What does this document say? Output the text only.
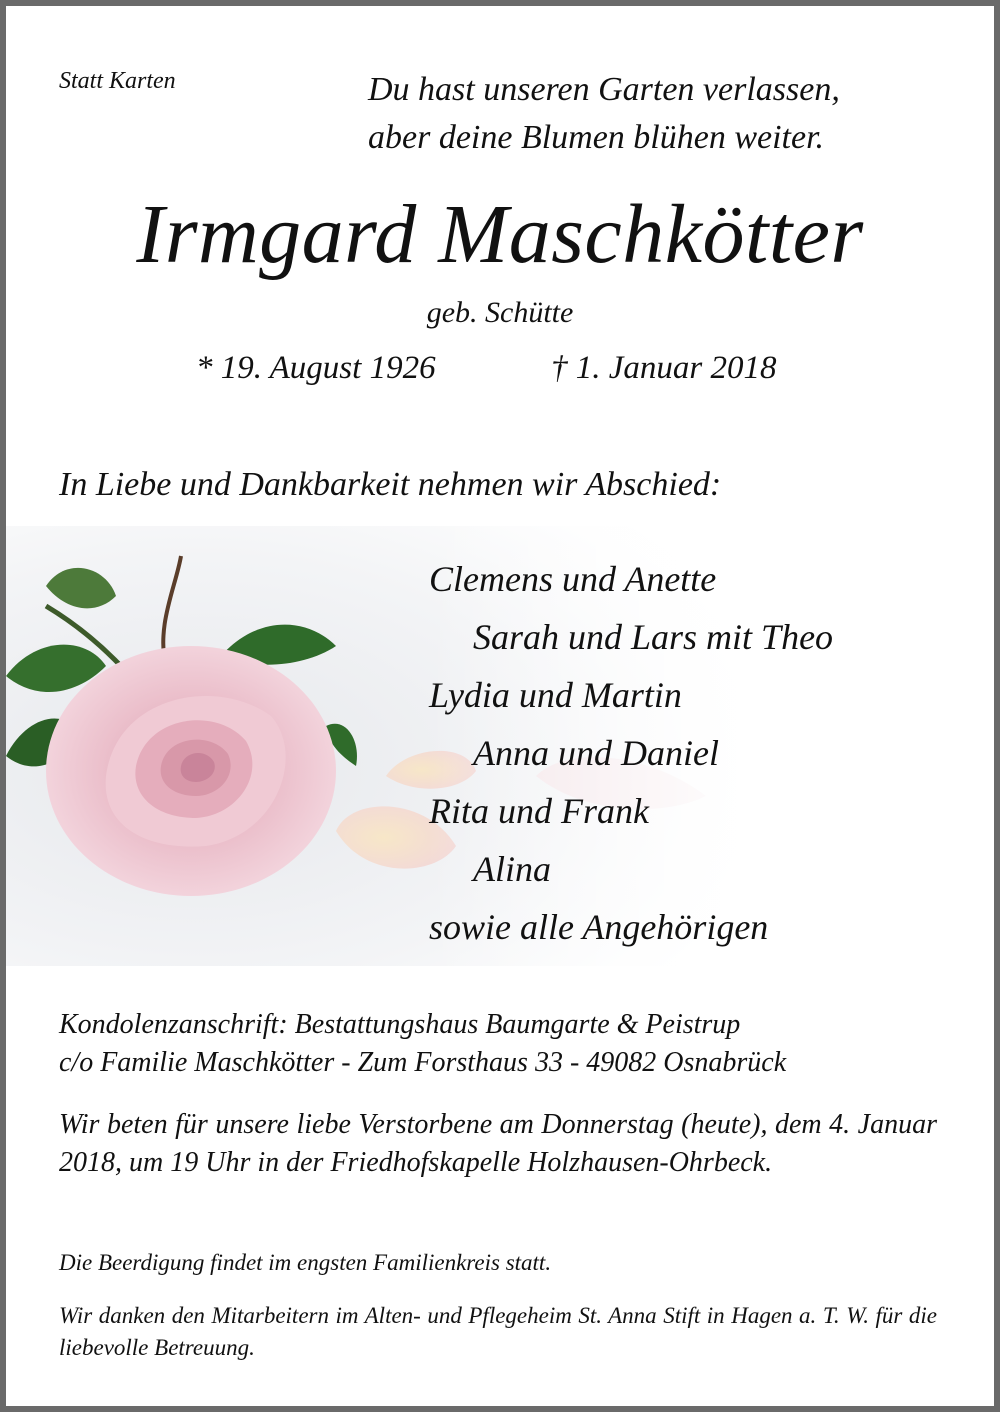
Statt Karten	Du hast unseren Garten verlassen,
aber deine Blumen blühen weiter.
Irmgard Maschkötter
geb. Schütte
* 19. August 1926	† 1. Januar 2018
In Liebe und Dankbarkeit nehmen wir Abschied:
Clemens und Anette
Sarah und Lars mit Theo
Lydia und Martin
Anna und Daniel
Rita und Frank
Alina
sowie alle Angehörigen
Kondolenzanschrift: Bestattungshaus Baumgarte & Peistrup
c/o Familie Maschkötter - Zum Forsthaus 33 - 49082 Osnabrück
Wir beten für unsere liebe Verstorbene am Donnerstag (heute), dem 4. Januar 2018, um 19 Uhr in der Friedhofskapelle Holzhausen-Ohrbeck.
Die Beerdigung findet im engsten Familienkreis statt.
Wir danken den Mitarbeitern im Alten- und Pflegeheim St. Anna Stift in Hagen a. T. W. für die liebevolle Betreuung.
